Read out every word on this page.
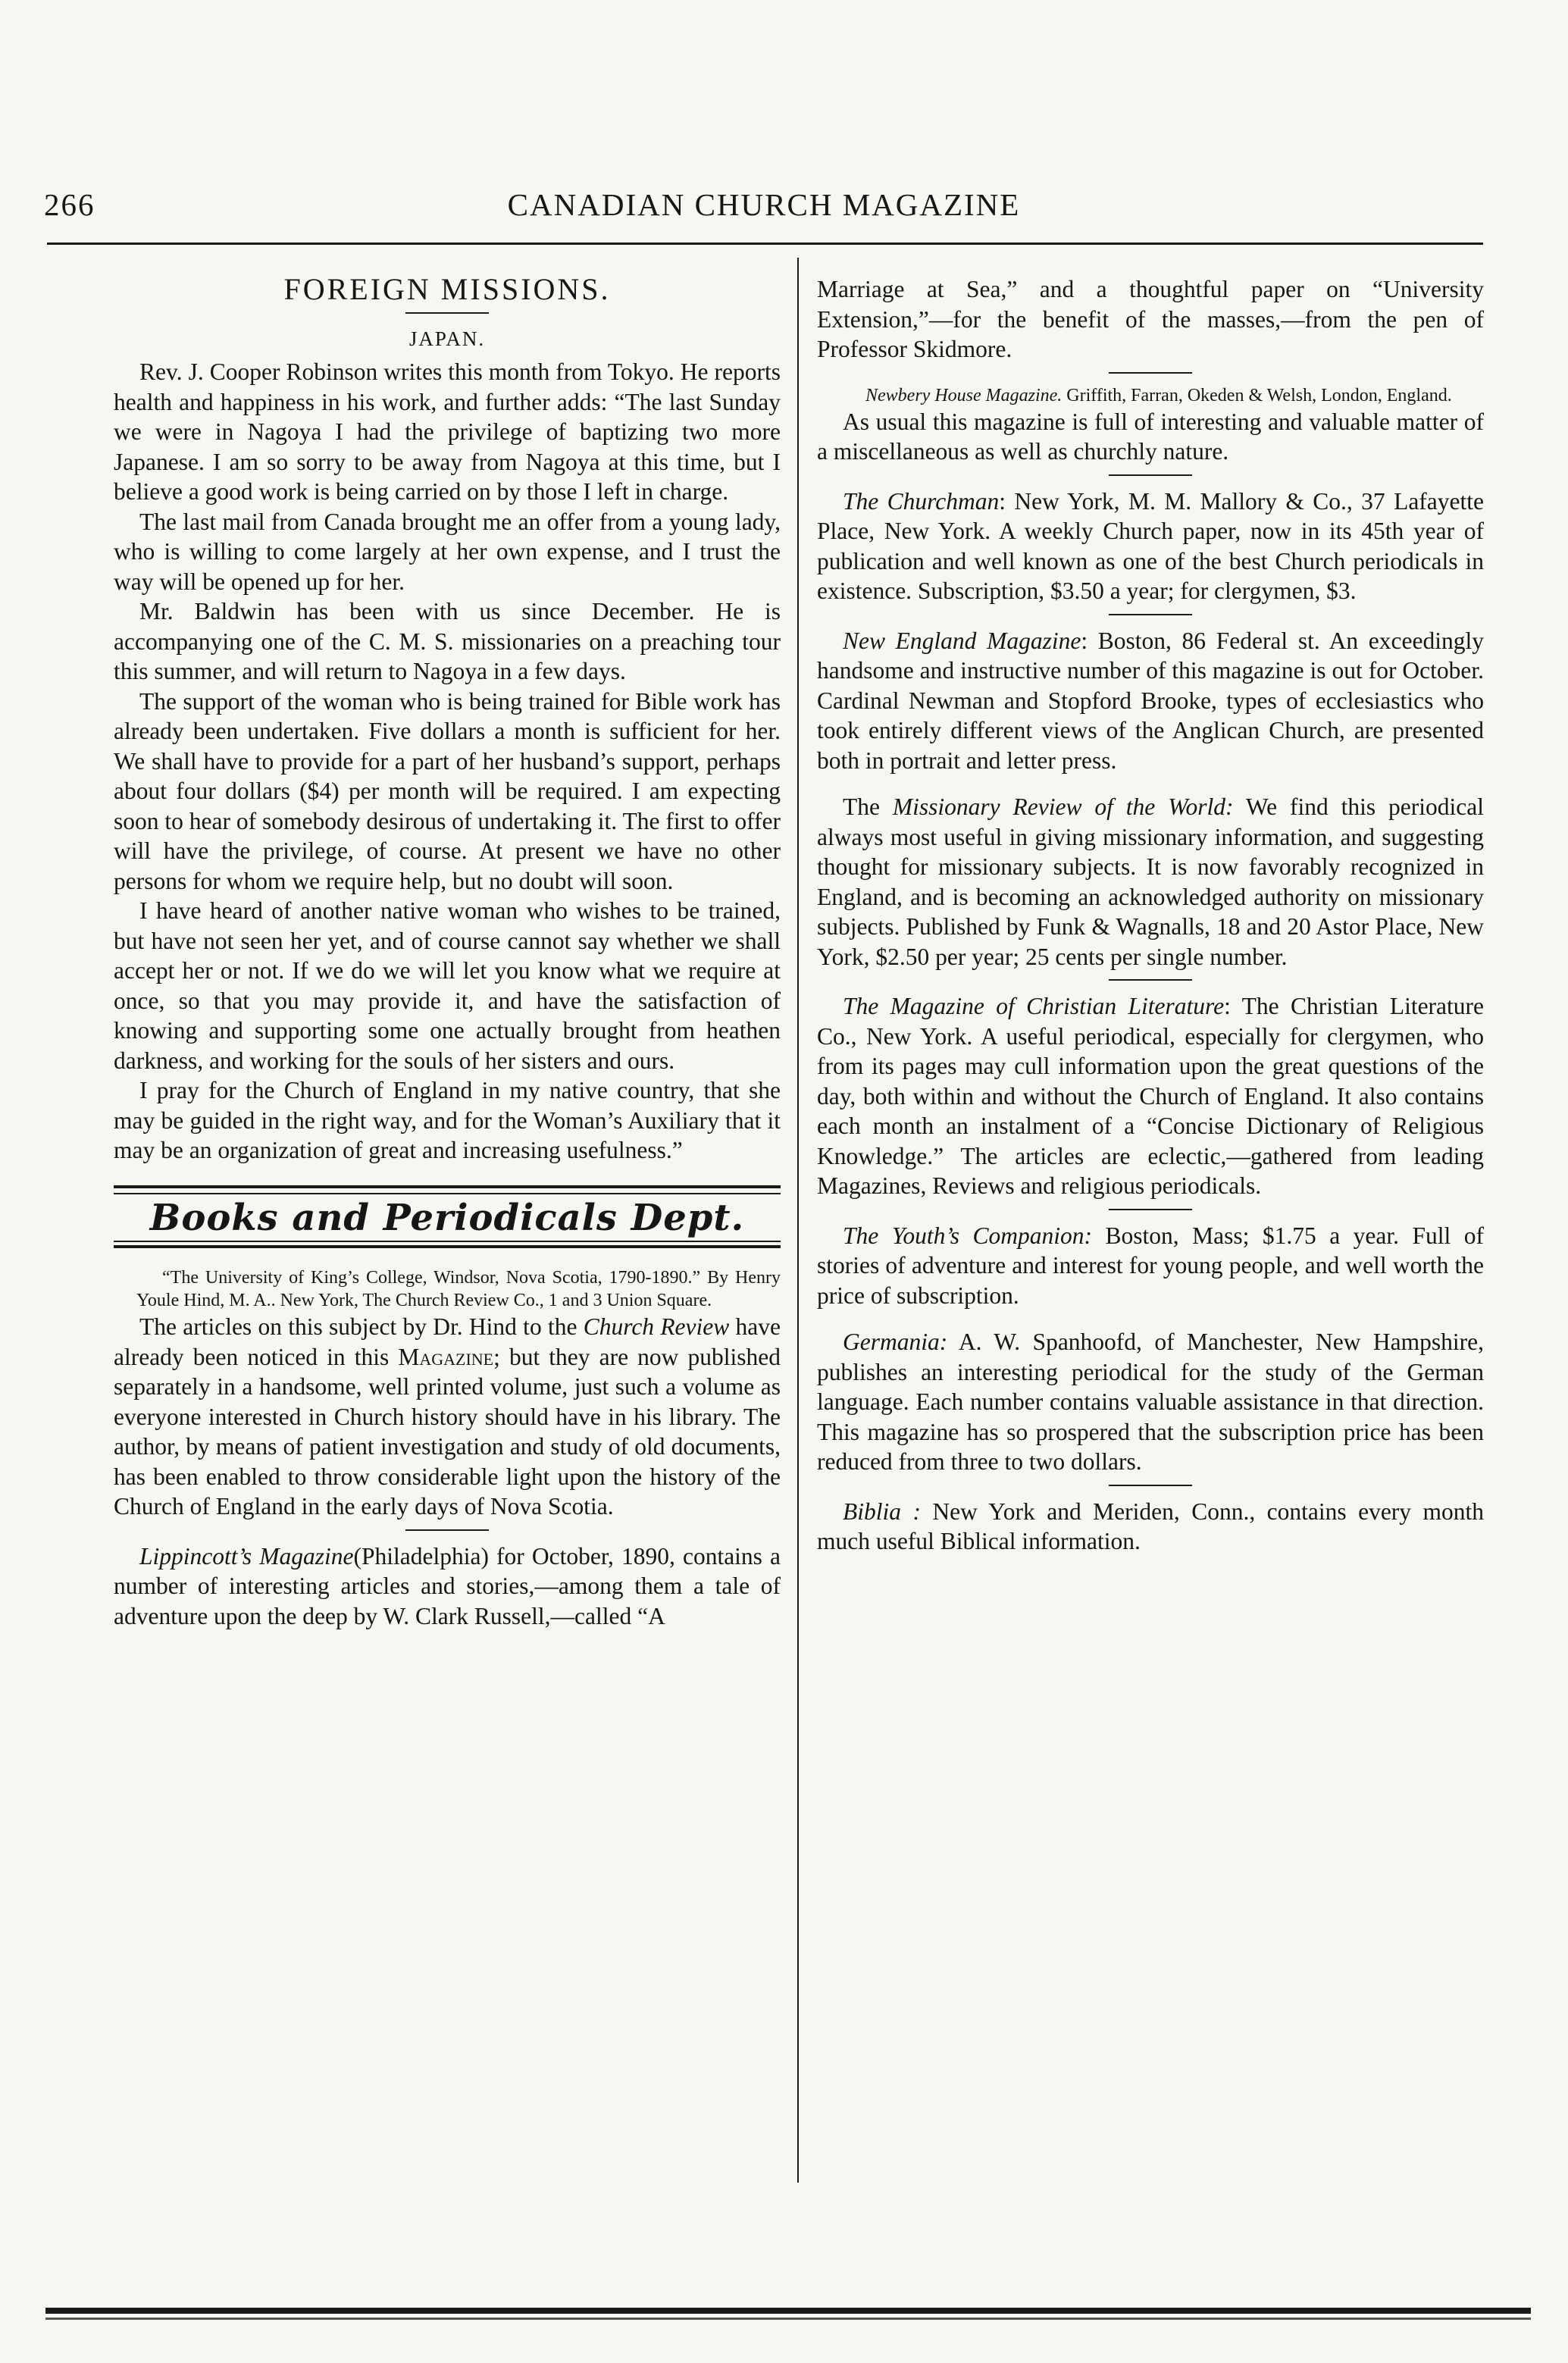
266	CANADIAN CHURCH MAGAZINE
FOREIGN MISSIONS.
JAPAN.

Rev. J. Cooper Robinson writes this month from Tokyo. He reports health and happiness in his work, and further adds: “The last Sunday we were in Nagoya I had the privilege of baptizing two more Japanese. I am so sorry to be away from Nagoya at this time, but I believe a good work is being carried on by those I left in charge.

The last mail from Canada brought me an offer from a young lady, who is willing to come largely at her own expense, and I trust the way will be opened up for her.

Mr. Baldwin has been with us since December. He is accompanying one of the C. M. S. missionaries on a preaching tour this summer, and will return to Nagoya in a few days.

The support of the woman who is being trained for Bible work has already been undertaken. Five dollars a month is sufficient for her. We shall have to provide for a part of her husband’s support, perhaps about four dollars ($4) per month will be required. I am expecting soon to hear of somebody desirous of undertaking it. The first to offer will have the privilege, of course. At present we have no other persons for whom we require help, but no doubt will soon.

I have heard of another native woman who wishes to be trained, but have not seen her yet, and of course cannot say whether we shall accept her or not. If we do we will let you know what we require at once, so that you may provide it, and have the satisfaction of knowing and supporting some one actually brought from heathen darkness, and working for the souls of her sisters and ours.

I pray for the Church of England in my native country, that she may be guided in the right way, and for the Woman’s Auxiliary that it may be an organization of great and increasing usefulness.”

Books and Periodicals Dept.

“The University of King’s College, Windsor, Nova Scotia, 1790-1890.” By Henry Youle Hind, M. A.. New York, The Church Review Co., 1 and 3 Union Square.

The articles on this subject by Dr. Hind to the Church Review have already been noticed in this Magazine; but they are now published separately in a handsome, well printed volume, just such a volume as everyone interested in Church history should have in his library. The author, by means of patient investigation and study of old documents, has been enabled to throw considerable light upon the history of the Church of England in the early days of Nova Scotia.

Lippincott’s Magazine(Philadelphia) for October, 1890, contains a number of interesting articles and stories,—among them a tale of adventure upon the deep by W. Clark Russell,—called “A

Marriage at Sea,” and a thoughtful paper on “University Extension,”—for the benefit of the masses,—from the pen of Professor Skidmore.

Newbery House Magazine. Griffith, Farran, Okeden & Welsh, London, England.

As usual this magazine is full of interesting and valuable matter of a miscellaneous as well as churchly nature.

The Churchman: New York, M. M. Mallory & Co., 37 Lafayette Place, New York. A weekly Church paper, now in its 45th year of publication and well known as one of the best Church periodicals in existence. Subscription, $3.50 a year; for clergymen, $3.

New England Magazine: Boston, 86 Federal st. An exceedingly handsome and instructive number of this magazine is out for October. Cardinal Newman and Stopford Brooke, types of ecclesiastics who took entirely different views of the Anglican Church, are presented both in portrait and letter press.

The Missionary Review of the World: We find this periodical always most useful in giving missionary information, and suggesting thought for missionary subjects. It is now favorably recognized in England, and is becoming an acknowledged authority on missionary subjects. Published by Funk & Wagnalls, 18 and 20 Astor Place, New York, $2.50 per year; 25 cents per single number.

The Magazine of Christian Literature: The Christian Literature Co., New York. A useful periodical, especially for clergymen, who from its pages may cull information upon the great questions of the day, both within and without the Church of England. It also contains each month an instalment of a “Concise Dictionary of Religious Knowledge.” The articles are eclectic,—gathered from leading Magazines, Reviews and religious periodicals.

The Youth’s Companion: Boston, Mass; $1.75 a year. Full of stories of adventure and interest for young people, and well worth the price of subscription.

Germania: A. W. Spanhoofd, of Manchester, New Hampshire, publishes an interesting periodical for the study of the German language. Each number contains valuable assistance in that direction. This magazine has so prospered that the subscription price has been reduced from three to two dollars.

Biblia : New York and Meriden, Conn., contains every month much useful Biblical information.
